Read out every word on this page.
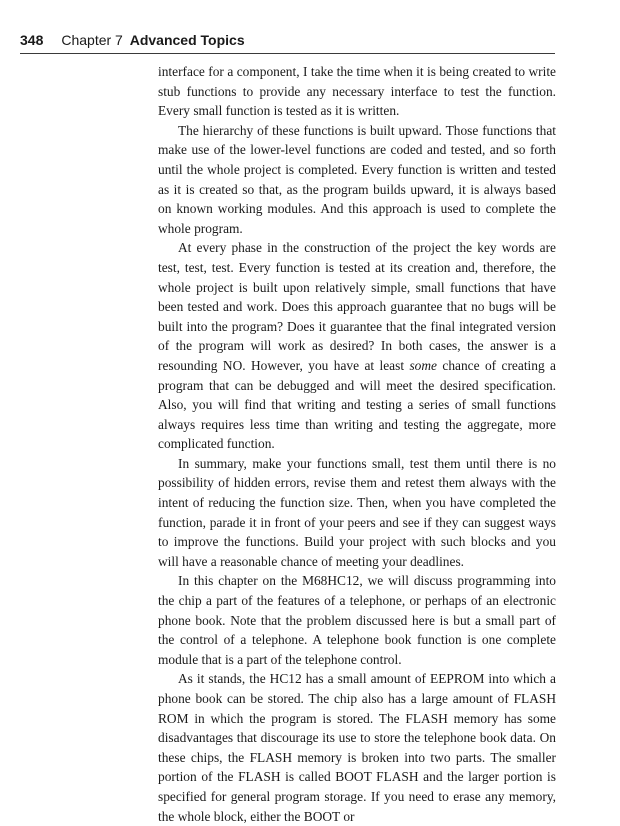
348 Chapter 7 Advanced Topics

interface for a component, I take the time when it is being created to write stub functions to provide any necessary interface to test the function. Every small function is tested as it is written.

The hierarchy of these functions is built upward. Those functions that make use of the lower-level functions are coded and tested, and so forth until the whole project is completed. Every function is written and tested as it is created so that, as the program builds upward, it is always based on known working modules. And this approach is used to complete the whole program.

At every phase in the construction of the project the key words are test, test, test. Every function is tested at its creation and, therefore, the whole project is built upon relatively simple, small functions that have been tested and work. Does this approach guarantee that no bugs will be built into the program? Does it guarantee that the final integrated version of the program will work as desired? In both cases, the answer is a resounding NO. However, you have at least some chance of creating a program that can be debugged and will meet the desired specification. Also, you will find that writing and testing a series of small functions always requires less time than writing and testing the aggregate, more complicated function.

In summary, make your functions small, test them until there is no possibility of hidden errors, revise them and retest them always with the intent of reducing the function size. Then, when you have completed the function, parade it in front of your peers and see if they can suggest ways to improve the functions. Build your project with such blocks and you will have a reasonable chance of meeting your deadlines.

In this chapter on the M68HC12, we will discuss programming into the chip a part of the features of a telephone, or perhaps of an electronic phone book. Note that the problem discussed here is but a small part of the control of a telephone. A telephone book function is one complete module that is a part of the telephone control.

As it stands, the HC12 has a small amount of EEPROM into which a phone book can be stored. The chip also has a large amount of FLASH ROM in which the program is stored. The FLASH memory has some disadvantages that discourage its use to store the telephone book data. On these chips, the FLASH memory is broken into two parts. The smaller portion of the FLASH is called BOOT FLASH and the larger portion is specified for general program storage. If you need to erase any memory, the whole block, either the BOOT or
